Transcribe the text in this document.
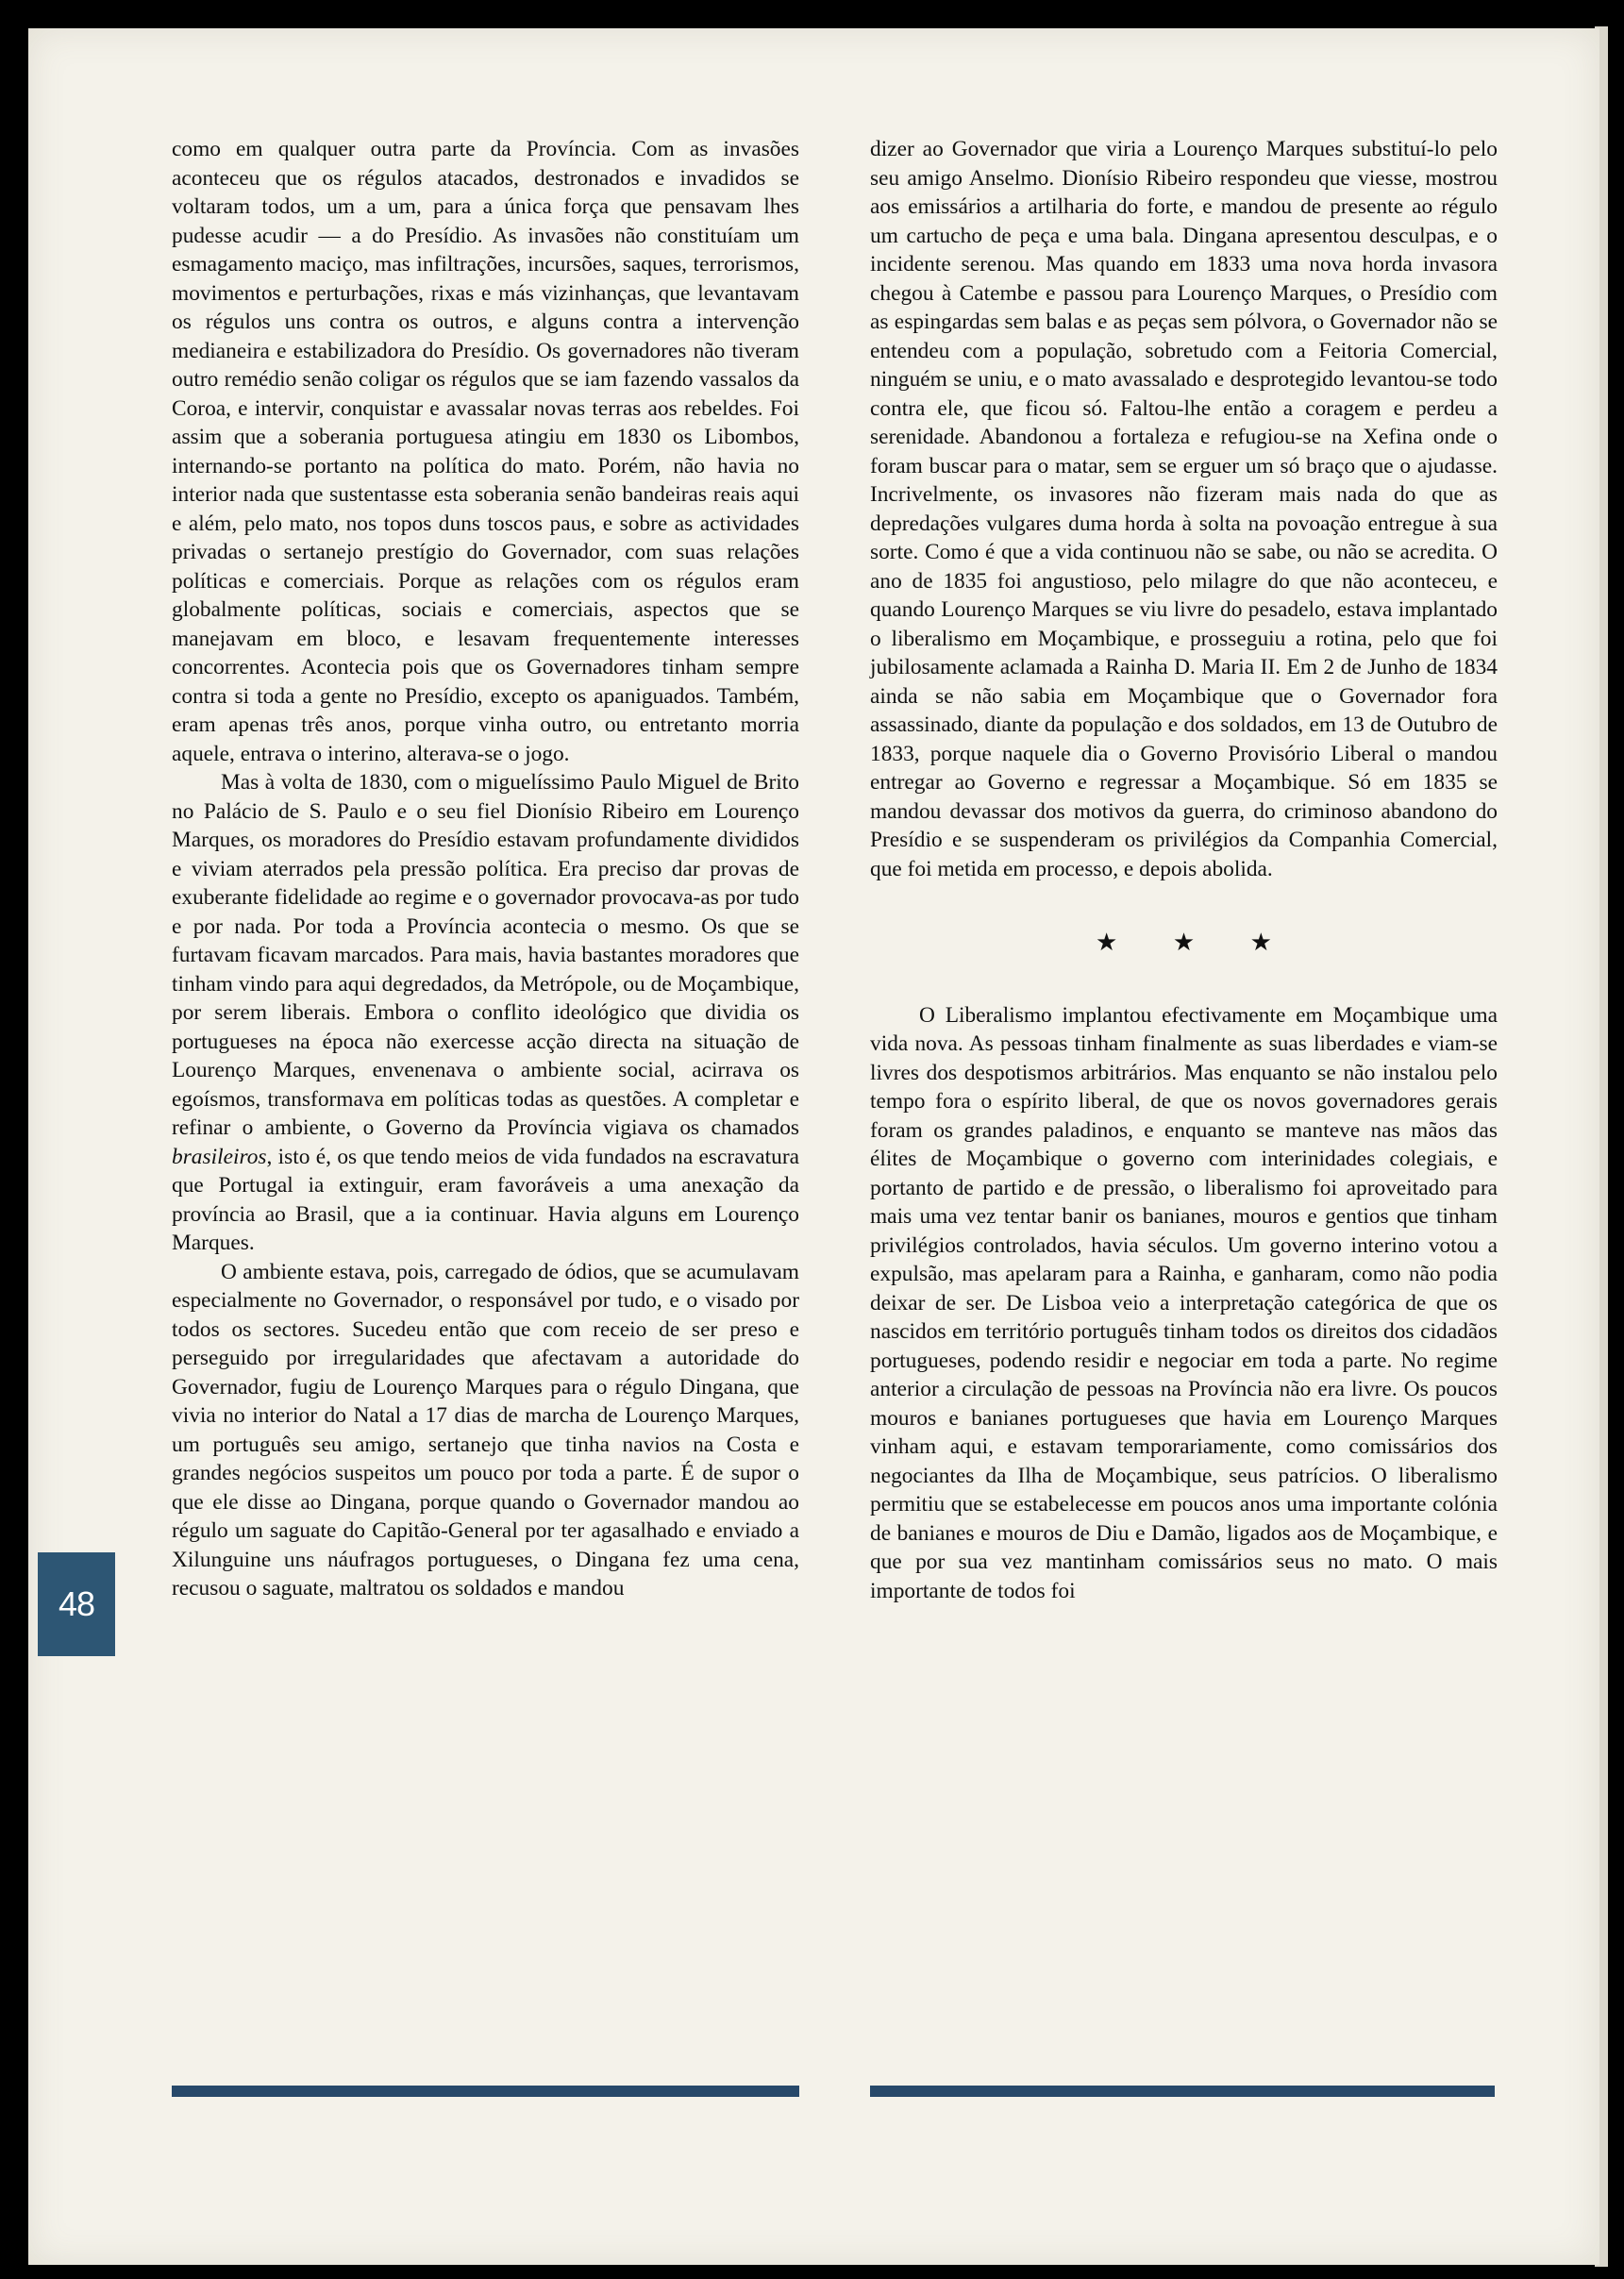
48

como em qualquer outra parte da Província. Com as invasões aconteceu que os régulos atacados, destronados e invadidos se voltaram todos, um a um, para a única força que pensavam lhes pudesse acudir — a do Presídio. As invasões não constituíam um esmagamento maciço, mas infiltrações, incursões, saques, terrorismos, movimentos e perturbações, rixas e más vizinhanças, que levantavam os régulos uns contra os outros, e alguns contra a intervenção medianeira e estabilizadora do Presídio. Os governadores não tiveram outro remédio senão coligar os régulos que se iam fazendo vassalos da Coroa, e intervir, conquistar e avassalar novas terras aos rebeldes. Foi assim que a soberania portuguesa atingiu em 1830 os Libombos, internando-se portanto na política do mato. Porém, não havia no interior nada que sustentasse esta soberania senão bandeiras reais aqui e além, pelo mato, nos topos duns toscos paus, e sobre as actividades privadas o sertanejo prestígio do Governador, com suas relações políticas e comerciais. Porque as relações com os régulos eram globalmente políticas, sociais e comerciais, aspectos que se manejavam em bloco, e lesavam frequentemente interesses concorrentes. Acontecia pois que os Governadores tinham sempre contra si toda a gente no Presídio, excepto os apaniguados. Também, eram apenas três anos, porque vinha outro, ou entretanto morria aquele, entrava o interino, alterava-se o jogo.

Mas à volta de 1830, com o miguelíssimo Paulo Miguel de Brito no Palácio de S. Paulo e o seu fiel Dionísio Ribeiro em Lourenço Marques, os moradores do Presídio estavam profundamente divididos e viviam aterrados pela pressão política. Era preciso dar provas de exuberante fidelidade ao regime e o governador provocava-as por tudo e por nada. Por toda a Província acontecia o mesmo. Os que se furtavam ficavam marcados. Para mais, havia bastantes moradores que tinham vindo para aqui degredados, da Metrópole, ou de Moçambique, por serem liberais. Embora o conflito ideológico que dividia os portugueses na época não exercesse acção directa na situação de Lourenço Marques, envenenava o ambiente social, acirrava os egoísmos, transformava em políticas todas as questões. A completar e refinar o ambiente, o Governo da Província vigiava os chamados brasileiros, isto é, os que tendo meios de vida fundados na escravatura que Portugal ia extinguir, eram favoráveis a uma anexação da província ao Brasil, que a ia continuar. Havia alguns em Lourenço Marques.

O ambiente estava, pois, carregado de ódios, que se acumulavam especialmente no Governador, o responsável por tudo, e o visado por todos os sectores. Sucedeu então que com receio de ser preso e perseguido por irregularidades que afectavam a autoridade do Governador, fugiu de Lourenço Marques para o régulo Dingana, que vivia no interior do Natal a 17 dias de marcha de Lourenço Marques, um português seu amigo, sertanejo que tinha navios na Costa e grandes negócios suspeitos um pouco por toda a parte. É de supor o que ele disse ao Dingana, porque quando o Governador mandou ao régulo um saguate do Capitão-General por ter agasalhado e enviado a Xilunguine uns náufragos portugueses, o Dingana fez uma cena, recusou o saguate, maltratou os soldados e mandou

dizer ao Governador que viria a Lourenço Marques substituí-lo pelo seu amigo Anselmo. Dionísio Ribeiro respondeu que viesse, mostrou aos emissários a artilharia do forte, e mandou de presente ao régulo um cartucho de peça e uma bala. Dingana apresentou desculpas, e o incidente serenou. Mas quando em 1833 uma nova horda invasora chegou à Catembe e passou para Lourenço Marques, o Presídio com as espingardas sem balas e as peças sem pólvora, o Governador não se entendeu com a população, sobretudo com a Feitoria Comercial, ninguém se uniu, e o mato avassalado e desprotegido levantou-se todo contra ele, que ficou só. Faltou-lhe então a coragem e perdeu a serenidade. Abandonou a fortaleza e refugiou-se na Xefina onde o foram buscar para o matar, sem se erguer um só braço que o ajudasse. Incrivelmente, os invasores não fizeram mais nada do que as depredações vulgares duma horda à solta na povoação entregue à sua sorte. Como é que a vida continuou não se sabe, ou não se acredita. O ano de 1835 foi angustioso, pelo milagre do que não aconteceu, e quando Lourenço Marques se viu livre do pesadelo, estava implantado o liberalismo em Moçambique, e prosseguiu a rotina, pelo que foi jubilosamente aclamada a Rainha D. Maria II. Em 2 de Junho de 1834 ainda se não sabia em Moçambique que o Governador fora assassinado, diante da população e dos soldados, em 13 de Outubro de 1833, porque naquele dia o Governo Provisório Liberal o mandou entregar ao Governo e regressar a Moçambique. Só em 1835 se mandou devassar dos motivos da guerra, do criminoso abandono do Presídio e se suspenderam os privilégios da Companhia Comercial, que foi metida em processo, e depois abolida.

★ ★ ★

O Liberalismo implantou efectivamente em Moçambique uma vida nova. As pessoas tinham finalmente as suas liberdades e viam-se livres dos despotismos arbitrários. Mas enquanto se não instalou pelo tempo fora o espírito liberal, de que os novos governadores gerais foram os grandes paladinos, e enquanto se manteve nas mãos das élites de Moçambique o governo com interinidades colegiais, e portanto de partido e de pressão, o liberalismo foi aproveitado para mais uma vez tentar banir os banianes, mouros e gentios que tinham privilégios controlados, havia séculos. Um governo interino votou a expulsão, mas apelaram para a Rainha, e ganharam, como não podia deixar de ser. De Lisboa veio a interpretação categórica de que os nascidos em território português tinham todos os direitos dos cidadãos portugueses, podendo residir e negociar em toda a parte. No regime anterior a circulação de pessoas na Província não era livre. Os poucos mouros e banianes portugueses que havia em Lourenço Marques vinham aqui, e estavam temporariamente, como comissários dos negociantes da Ilha de Moçambique, seus patrícios. O liberalismo permitiu que se estabelecesse em poucos anos uma importante colónia de banianes e mouros de Diu e Damão, ligados aos de Moçambique, e que por sua vez mantinham comissários seus no mato. O mais importante de todos foi
